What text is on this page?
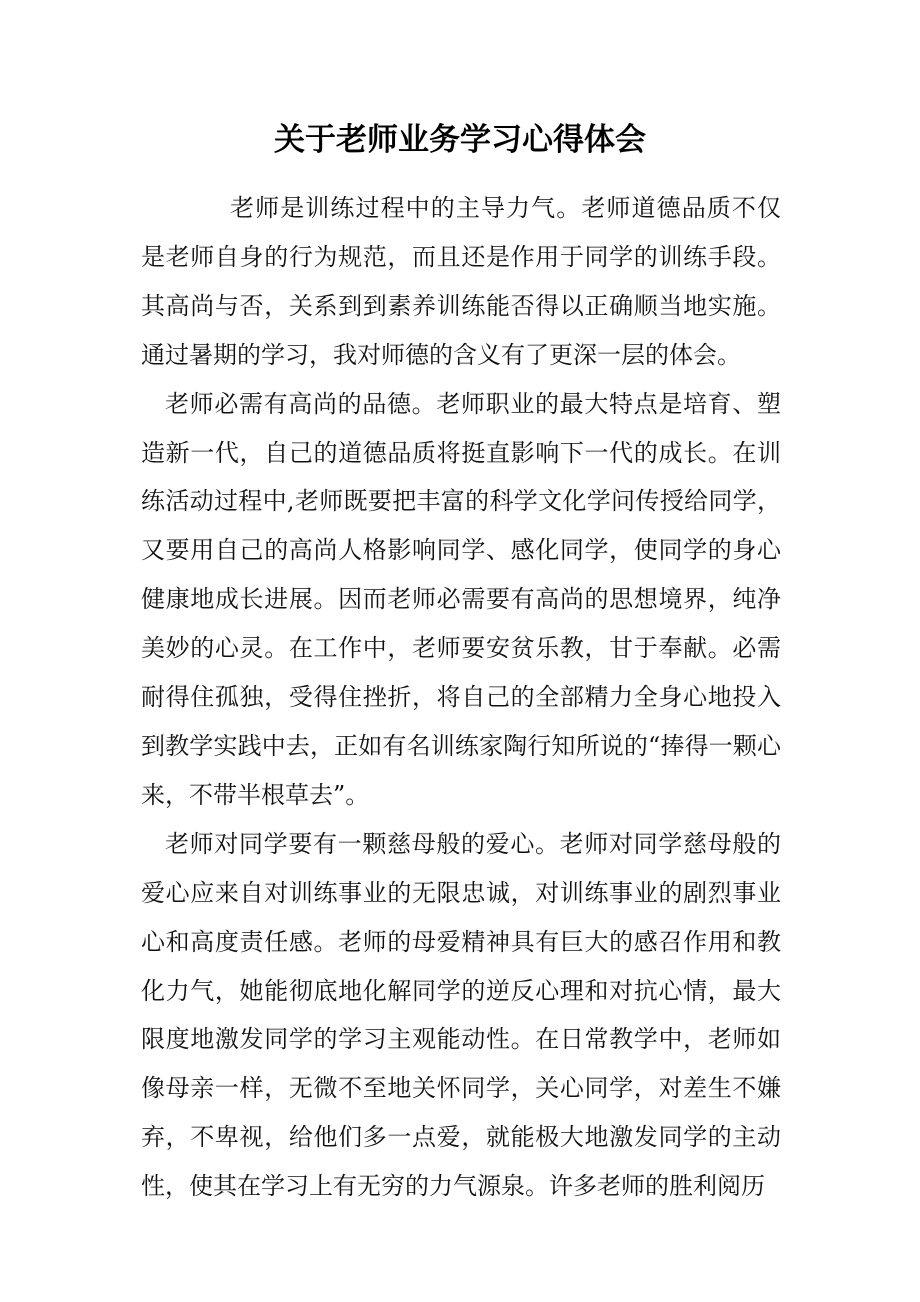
关于老师业务学习心得体会

老师是训练过程中的主导力气。老师道德品质不仅是老师自身的行为规范，而且还是作用于同学的训练手段。其高尚与否，关系到到素养训练能否得以正确顺当地实施。通过暑期的学习，我对师德的含义有了更深一层的体会。

老师必需有高尚的品德。老师职业的最大特点是培育、塑造新一代，自己的道德品质将挺直影响下一代的成长。在训练活动过程中,老师既要把丰富的科学文化学问传授给同学，又要用自己的高尚人格影响同学、感化同学，使同学的身心健康地成长进展。因而老师必需要有高尚的思想境界，纯净美妙的心灵。在工作中，老师要安贫乐教，甘于奉献。必需耐得住孤独，受得住挫折，将自己的全部精力全身心地投入到教学实践中去，正如有名训练家陶行知所说的“捧得一颗心来，不带半根草去”。

老师对同学要有一颗慈母般的爱心。老师对同学慈母般的爱心应来自对训练事业的无限忠诚，对训练事业的剧烈事业心和高度责任感。老师的母爱精神具有巨大的感召作用和教化力气，她能彻底地化解同学的逆反心理和对抗心情，最大限度地激发同学的学习主观能动性。在日常教学中，老师如像母亲一样，无微不至地关怀同学，关心同学，对差生不嫌弃，不卑视，给他们多一点爱，就能极大地激发同学的主动性，使其在学习上有无穷的力气源泉。许多老师的胜利阅历
